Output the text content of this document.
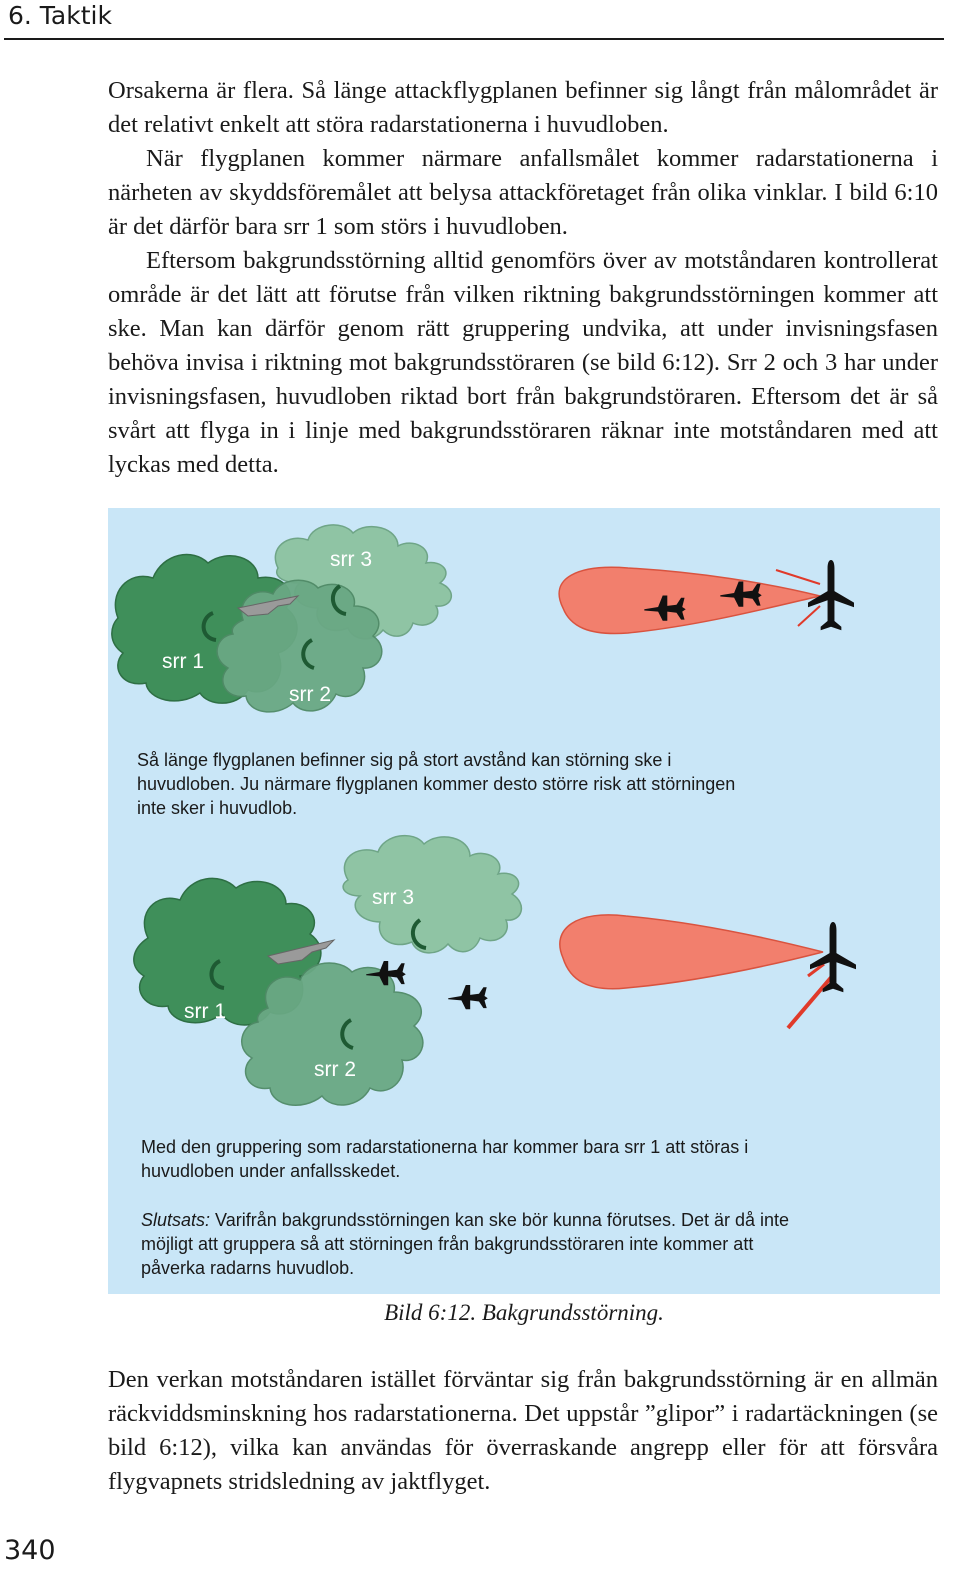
6. Taktik

Orsakerna är flera. Så länge attackflygplanen befinner sig långt från målområdet är det relativt enkelt att störa radarstationerna i huvudloben.

När flygplanen kommer närmare anfallsmålet kommer radarstationerna i närheten av skyddsföremålet att belysa attackföretaget från olika vinklar. I bild 6:10 är det därför bara srr 1 som störs i huvudloben.

Eftersom bakgrundsstörning alltid genomförs över av motståndaren kontrollerat område är det lätt att förutse från vilken riktning bakgrundsstörningen kommer att ske. Man kan därför genom rätt gruppering undvika, att under invisningsfasen behöva invisa i riktning mot bakgrundsstöraren (se bild 6:12). Srr 2 och 3 har under invisningsfasen, huvudloben riktad bort från bakgrundstöraren. Eftersom det är så svårt att flyga in i linje med bakgrundsstöraren räknar inte motståndaren med att lyckas med detta.

srr 3
srr 1
srr 2

Så länge flygplanen befinner sig på stort avstånd kan störning ske i huvudloben. Ju närmare flygplanen kommer desto större risk att störningen inte sker i huvudlob.

srr 3
srr 1
srr 2

Med den gruppering som radarstationerna har kommer bara srr 1 att störas i huvudloben under anfallsskedet.

Slutsats: Varifrån bakgrundsstörningen kan ske bör kunna förutses. Det är då inte möjligt att gruppera så att störningen från bakgrundsstöraren inte kommer att påverka radarns huvudlob.

Bild 6:12. Bakgrundsstörning.

Den verkan motståndaren istället förväntar sig från bakgrundsstörning är en allmän räckviddsminskning hos radarstationerna. Det uppstår ”glipor” i radartäckningen (se bild 6:12), vilka kan användas för överraskande angrepp eller för att försvåra flygvapnets stridsledning av jaktflyget.

340
